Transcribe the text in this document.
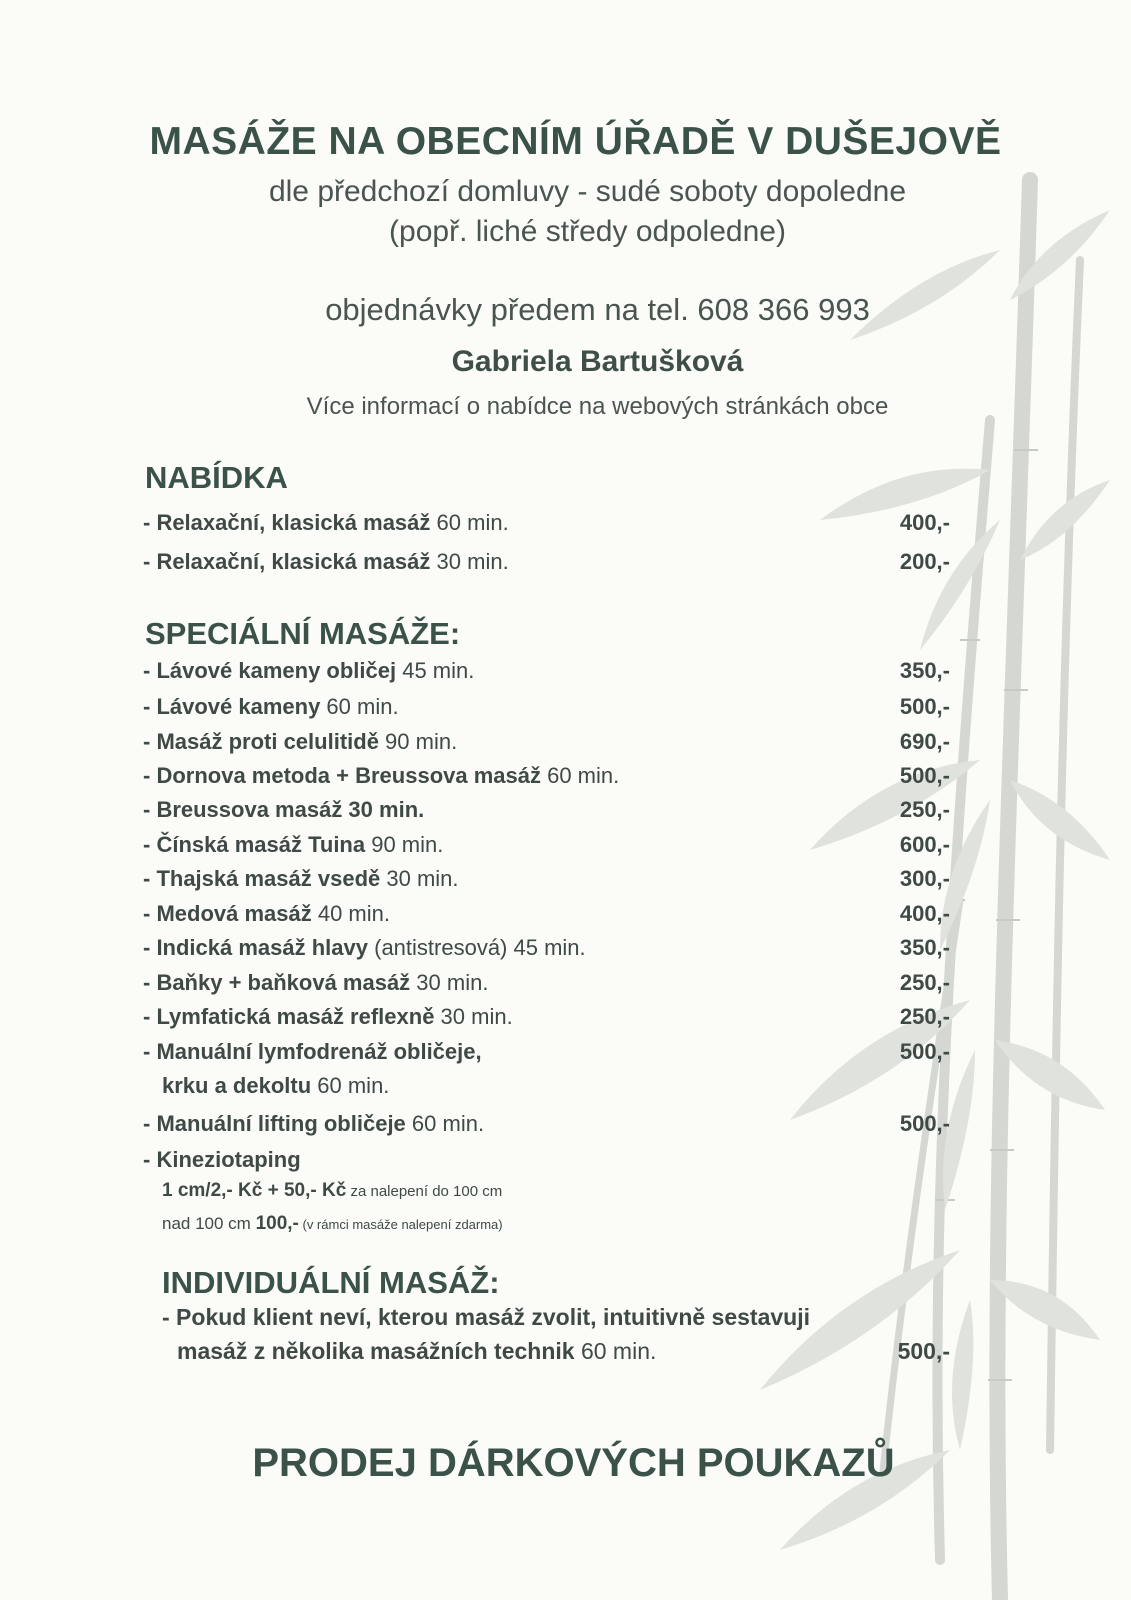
MASÁŽE NA OBECNÍM ÚŘADĚ V DUŠEJOVĚ
dle předchozí domluvy - sudé soboty dopoledne
(popř. liché středy odpoledne)
objednávky předem na tel. 608 366 993
Gabriela Bartušková
Více informací o nabídce na webových stránkách obce
NABÍDKA
- Relaxační, klasická masáž 60 min.	400,-
- Relaxační, klasická masáž 30 min.	200,-
SPECIÁLNÍ MASÁŽE:
- Lávové kameny obličej 45 min.	350,-
- Lávové kameny 60 min.	500,-
- Masáž proti celulitidě 90 min.	690,-
- Dornova metoda + Breussova masáž 60 min.	500,-
- Breussova masáž 30 min.	250,-
- Čínská masáž Tuina 90 min.	600,-
- Thajská masáž vsedě 30 min.	300,-
- Medová masáž 40 min.	400,-
- Indická masáž hlavy (antistresová) 45 min.	350,-
- Baňky + baňková masáž 30 min.	250,-
- Lymfatická masáž reflexně 30 min.	250,-
- Manuální lymfodrenáž obličeje,	500,-
krku a dekoltu 60 min.
- Manuální lifting obličeje 60 min.	500,-
- Kineziotaping
1 cm/2,- Kč + 50,- Kč za nalepení do 100 cm
nad 100 cm 100,- (v rámci masáže nalepení zdarma)
INDIVIDUÁLNÍ MASÁŽ:
- Pokud klient neví, kterou masáž zvolit, intuitivně sestavuji
masáž z několika masážních technik 60 min.	500,-
PRODEJ DÁRKOVÝCH POUKAZŮ
